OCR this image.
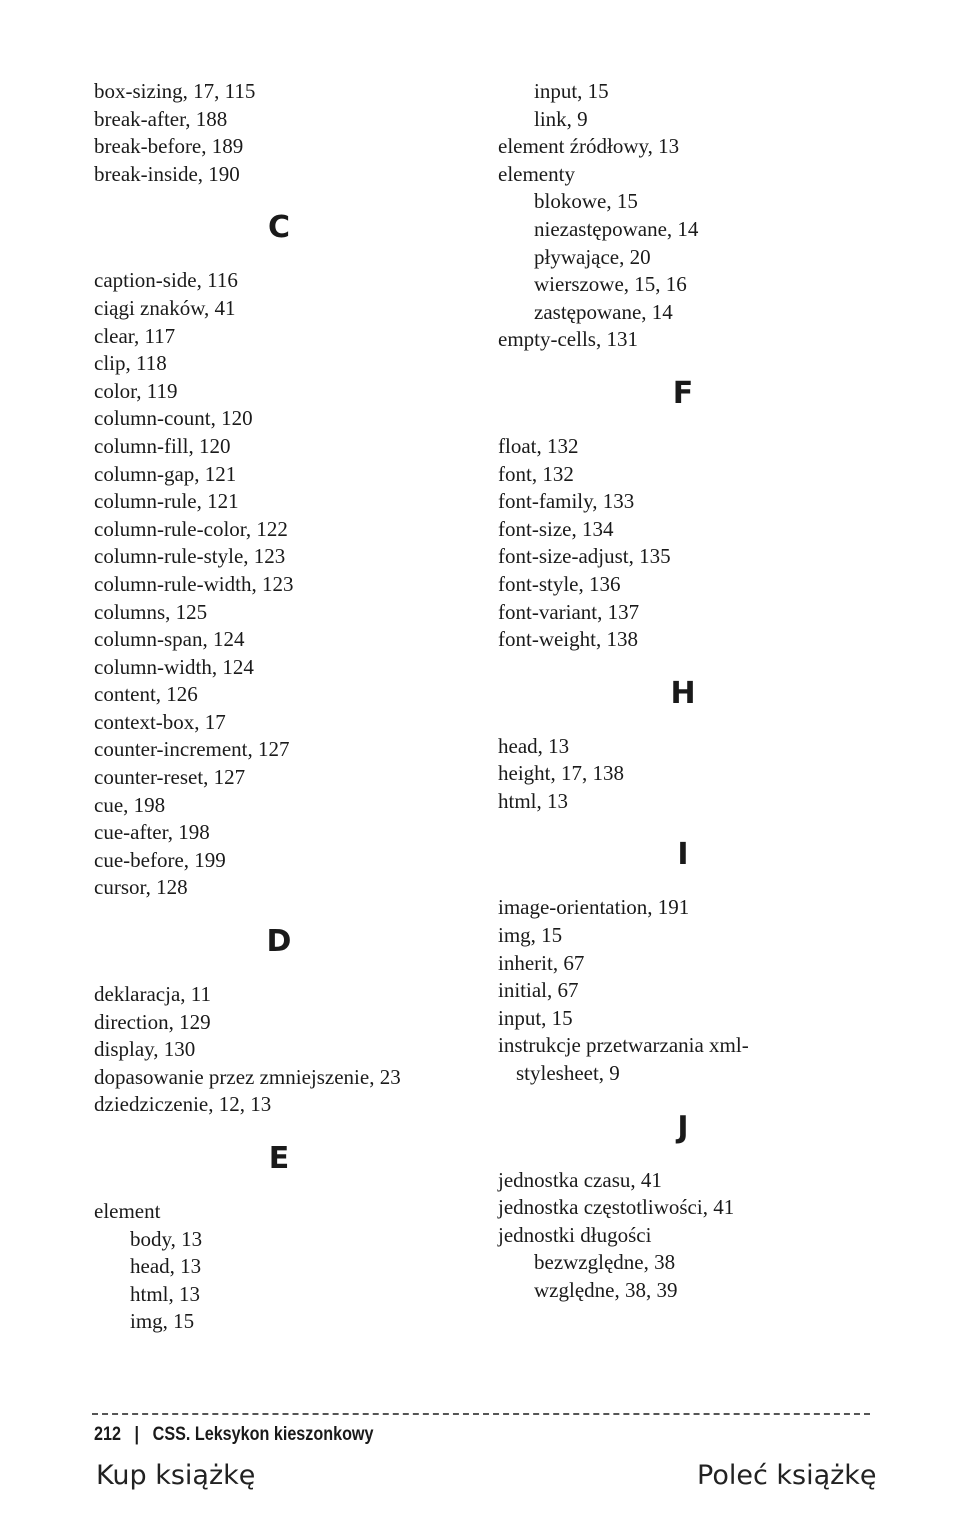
box-sizing, 17, 115
break-after, 188
break-before, 189
break-inside, 190
C
caption-side, 116
ciągi znaków, 41
clear, 117
clip, 118
color, 119
column-count, 120
column-fill, 120
column-gap, 121
column-rule, 121
column-rule-color, 122
column-rule-style, 123
column-rule-width, 123
columns, 125
column-span, 124
column-width, 124
content, 126
context-box, 17
counter-increment, 127
counter-reset, 127
cue, 198
cue-after, 198
cue-before, 199
cursor, 128
D
deklaracja, 11
direction, 129
display, 130
dopasowanie przez zmniejszenie, 23
dziedziczenie, 12, 13
E
element
body, 13
head, 13
html, 13
img, 15
input, 15
link, 9
element źródłowy, 13
elementy
blokowe, 15
niezastępowane, 14
pływające, 20
wierszowe, 15, 16
zastępowane, 14
empty-cells, 131
F
float, 132
font, 132
font-family, 133
font-size, 134
font-size-adjust, 135
font-style, 136
font-variant, 137
font-weight, 138
H
head, 13
height, 17, 138
html, 13
I
image-orientation, 191
img, 15
inherit, 67
initial, 67
input, 15
instrukcje przetwarzania xml-stylesheet, 9
J
jednostka czasu, 41
jednostka częstotliwości, 41
jednostki długości
bezwzględne, 38
względne, 38, 39
212 | CSS. Leksykon kieszonkowy
Kup książkę	Poleć książkę
